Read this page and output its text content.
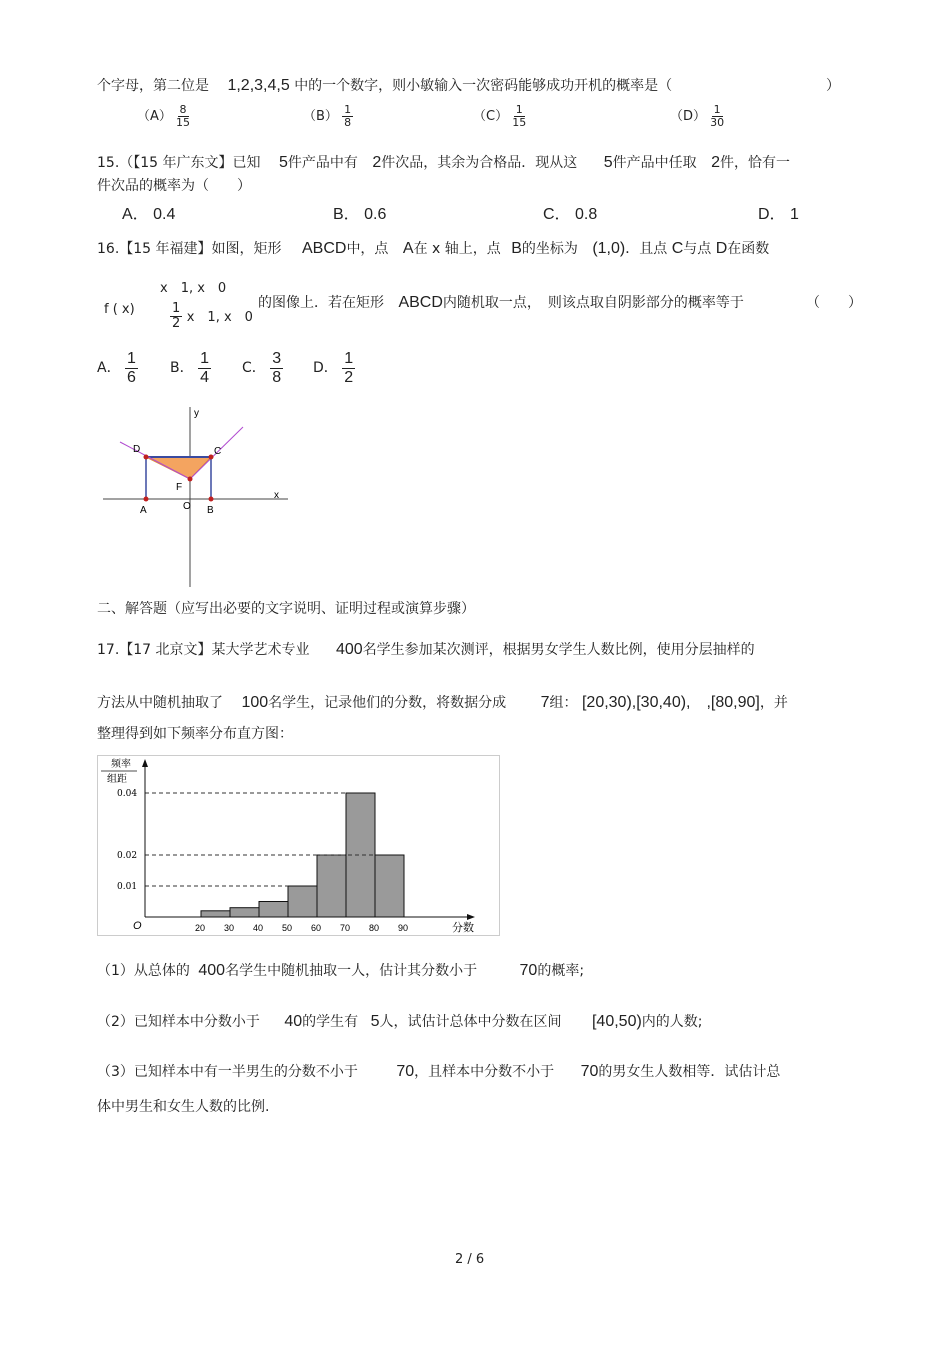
个字母，第二位是 1,2,3,4,5 中的一个数字，则小敏输入一次密码能够成功开机的概率是（	）
$(A) \frac{8}{15}$	$(B) \frac{1}{8}$	$(C) \frac{1}{15}$	$(D) \frac{1}{30}$
15.（【15 年广东文】已知 5件产品中有 2件次品，其余为合格品．现从这 5件产品中任取 2件，恰有一
件次品的概率为（　　）
A． 0.4	B． 0.6	C． 0.8	D． 1
16.【15 年福建】如图，矩形 ABCD中，点 A在 x 轴上，点 B的坐标为 (1,0)．且点 C与点 D在函数
x　1, x　0
f ( x)	$\frac{1}{2}$ x　1, x　0
的图像上．若在矩形 ABCD内随机取一点，　则该点取自阴影部分的概率等于	（　　）
A． $\frac{1}{6}$ B． $\frac{1}{4}$ C． $\frac{3}{8}$ D． $\frac{1}{2}$
y
x
D	C
F
A	O B
二、解答题（应写出必要的文字说明、证明过程或演算步骤）
17.【17 北京文】某大学艺术专业 400名学生参加某次测评，根据男女学生人数比例，使用分层抽样的
方法从中随机抽取了 100名学生，记录他们的分数，将数据分成 7组： [20,30),[30,40),　,[80,90]，并
整理得到如下频率分布直方图：
频率
组距
O	分数
20 30 40 50 60 70 80 90
0.04
0.02
0.01
（1）从总体的 400名学生中随机抽取一人，估计其分数小于	70的概率;
（2）已知样本中分数小于 40的学生有 5人，试估计总体中分数在区间 [40,50)内的人数;
（3）已知样本中有一半男生的分数不小于 70，且样本中分数不小于 70的男女生人数相等．试估计总
体中男生和女生人数的比例.
2 / 6
